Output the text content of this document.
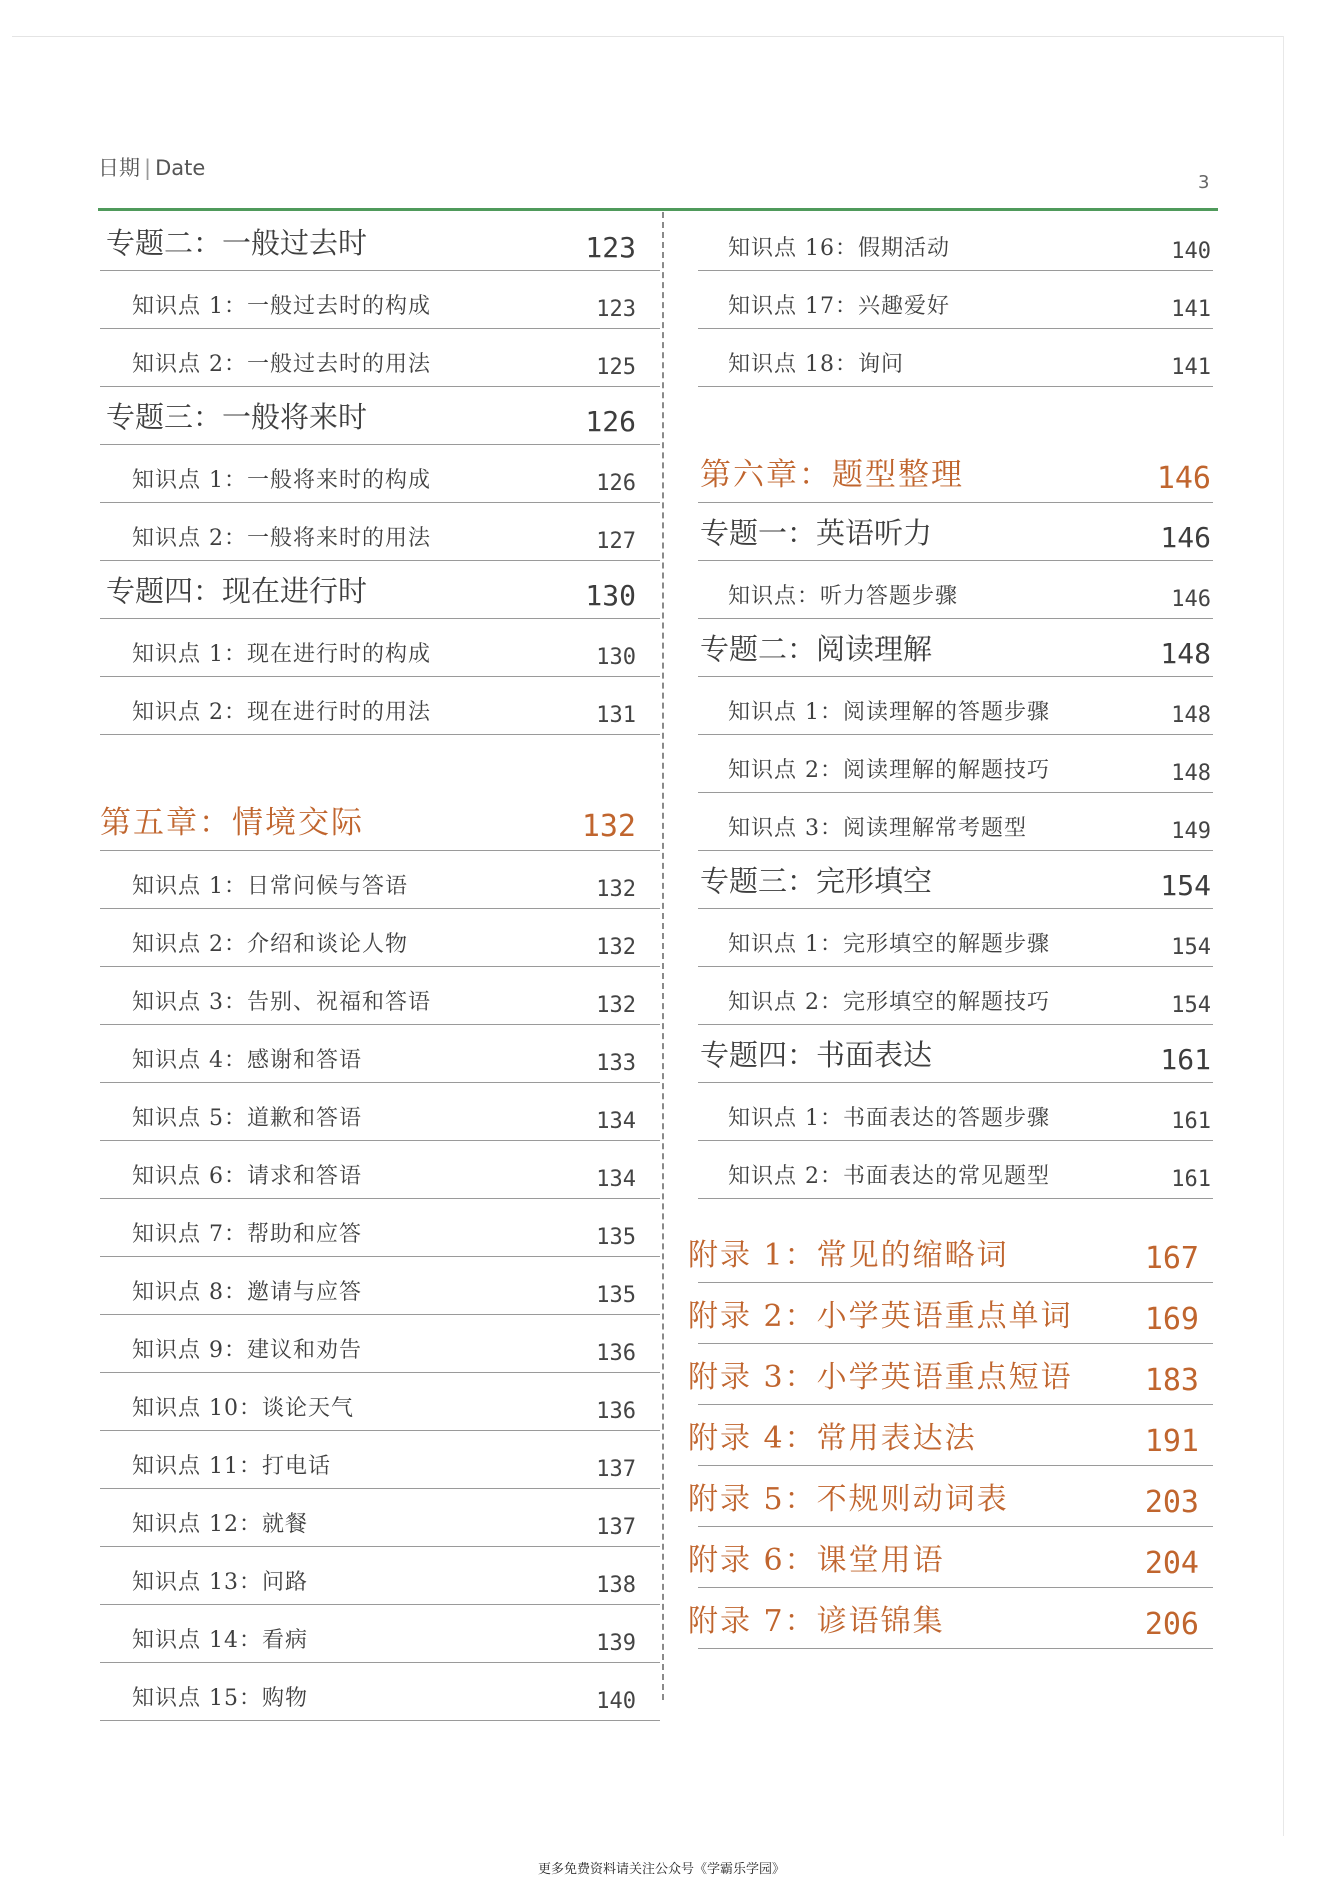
日期 | Date
3
专题二：一般过去时	123
知识点 1：一般过去时的构成	123
知识点 2：一般过去时的用法	125
专题三：一般将来时	126
知识点 1：一般将来时的构成	126
知识点 2：一般将来时的用法	127
专题四：现在进行时	130
知识点 1：现在进行时的构成	130
知识点 2：现在进行时的用法	131
第五章：情境交际	132
知识点 1：日常问候与答语	132
知识点 2：介绍和谈论人物	132
知识点 3：告别、祝福和答语	132
知识点 4：感谢和答语	133
知识点 5：道歉和答语	134
知识点 6：请求和答语	134
知识点 7：帮助和应答	135
知识点 8：邀请与应答	135
知识点 9：建议和劝告	136
知识点 10：谈论天气	136
知识点 11：打电话	137
知识点 12：就餐	137
知识点 13：问路	138
知识点 14：看病	139
知识点 15：购物	140
知识点 16：假期活动	140
知识点 17：兴趣爱好	141
知识点 18：询问	141
第六章：题型整理	146
专题一：英语听力	146
知识点：听力答题步骤	146
专题二：阅读理解	148
知识点 1：阅读理解的答题步骤	148
知识点 2：阅读理解的解题技巧	148
知识点 3：阅读理解常考题型	149
专题三：完形填空	154
知识点 1：完形填空的解题步骤	154
知识点 2：完形填空的解题技巧	154
专题四：书面表达	161
知识点 1：书面表达的答题步骤	161
知识点 2：书面表达的常见题型	161
附录 1：常见的缩略词	167
附录 2：小学英语重点单词 169
附录 3：小学英语重点短语 183
附录 4：常用表达法	191
附录 5：不规则动词表	203
附录 6：课堂用语	204
附录 7：谚语锦集	206
更多免费资料请关注公众号《学霸乐学园》
